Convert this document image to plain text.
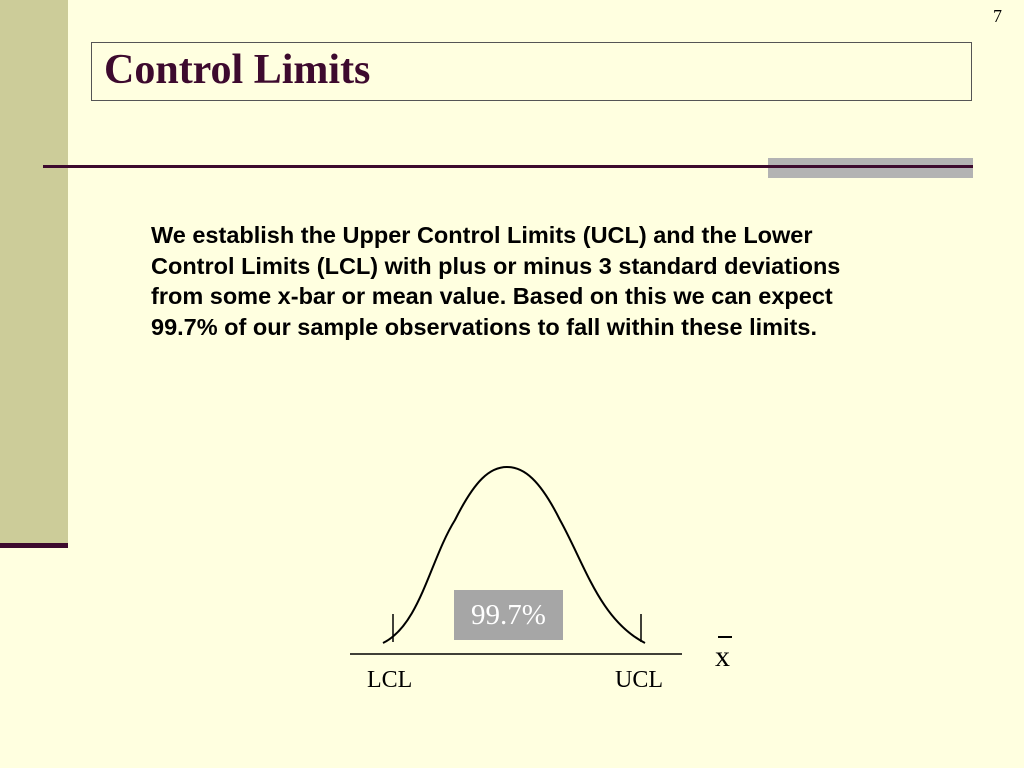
7
Control Limits
We establish the Upper Control Limits (UCL) and the Lower Control Limits (LCL) with plus or minus 3 standard deviations from some x-bar or mean value. Based on this we can expect 99.7% of our sample observations to fall within these limits.
99.7%
LCL	UCL
x
